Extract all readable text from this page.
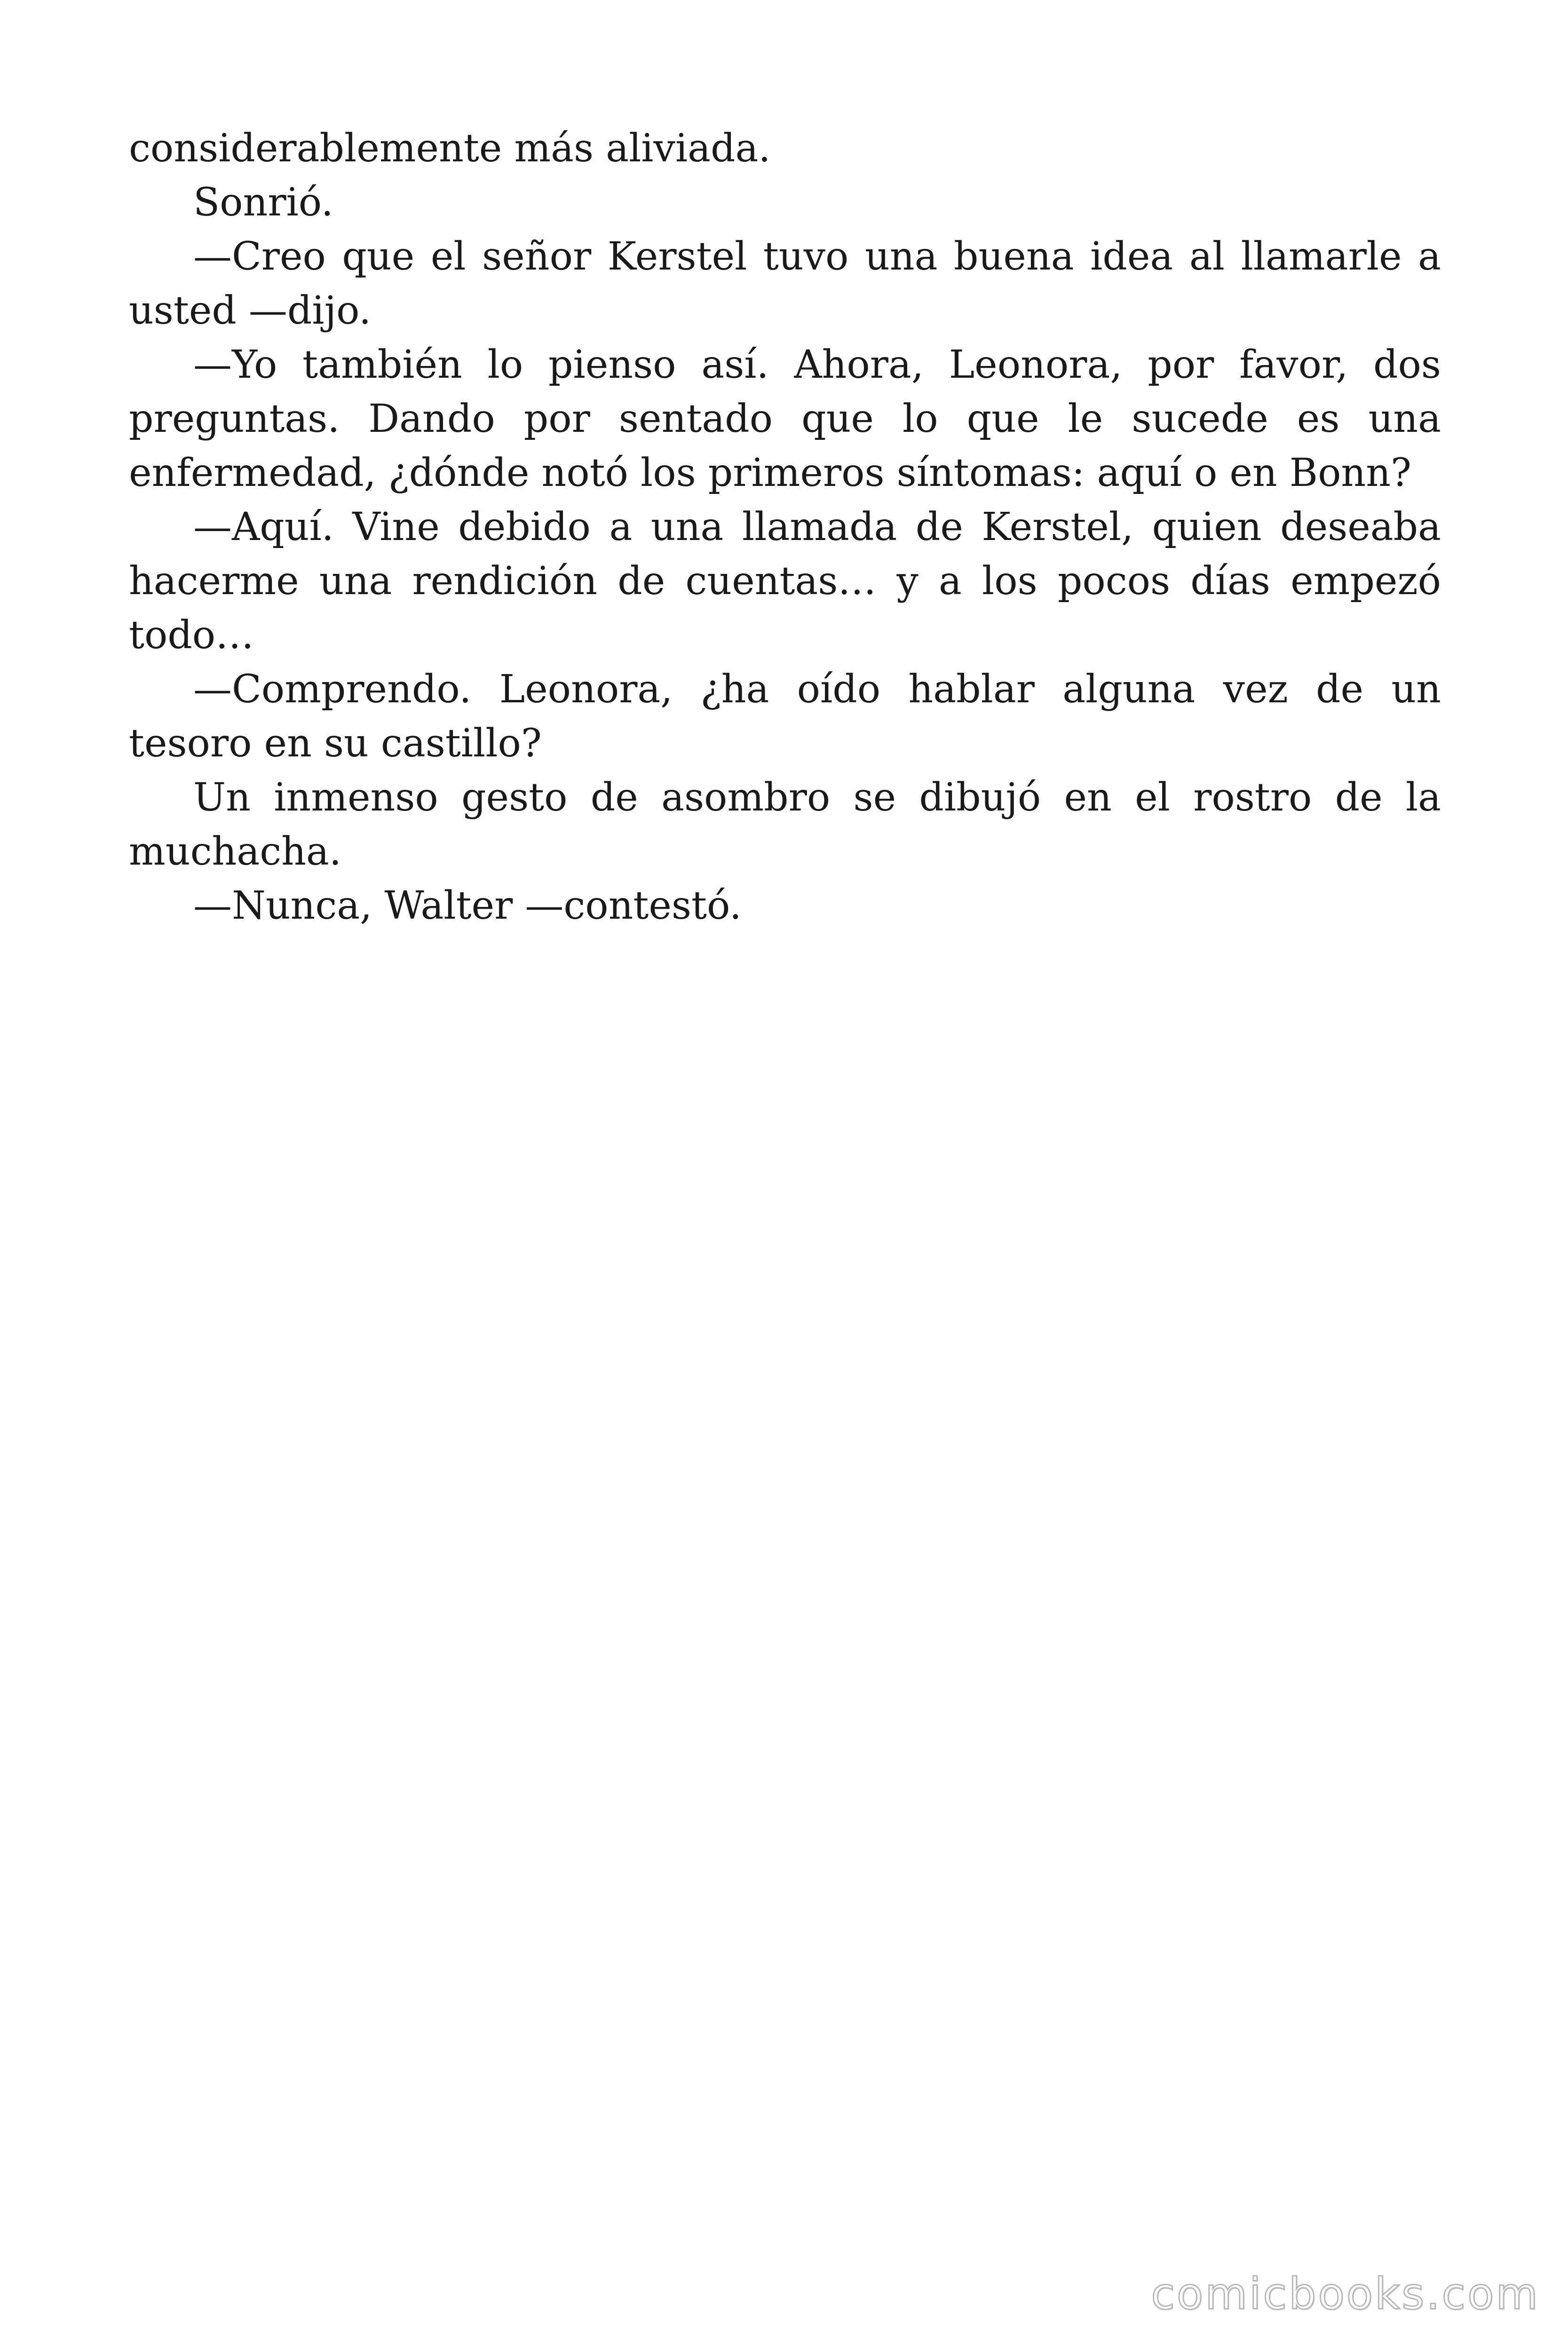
considerablemente más aliviada.

Sonrió.

—Creo que el señor Kerstel tuvo una buena idea al llamarle a usted —dijo.

—Yo también lo pienso así. Ahora, Leonora, por favor, dos preguntas. Dando por sentado que lo que le sucede es una enfermedad, ¿dónde notó los primeros síntomas: aquí o en Bonn?

—Aquí. Vine debido a una llamada de Kerstel, quien deseaba hacerme una rendición de cuentas… y a los pocos días empezó todo…

—Comprendo. Leonora, ¿ha oído hablar alguna vez de un tesoro en su castillo?

Un inmenso gesto de asombro se dibujó en el rostro de la muchacha.

—Nunca, Walter —contestó.

comicbooks.com
